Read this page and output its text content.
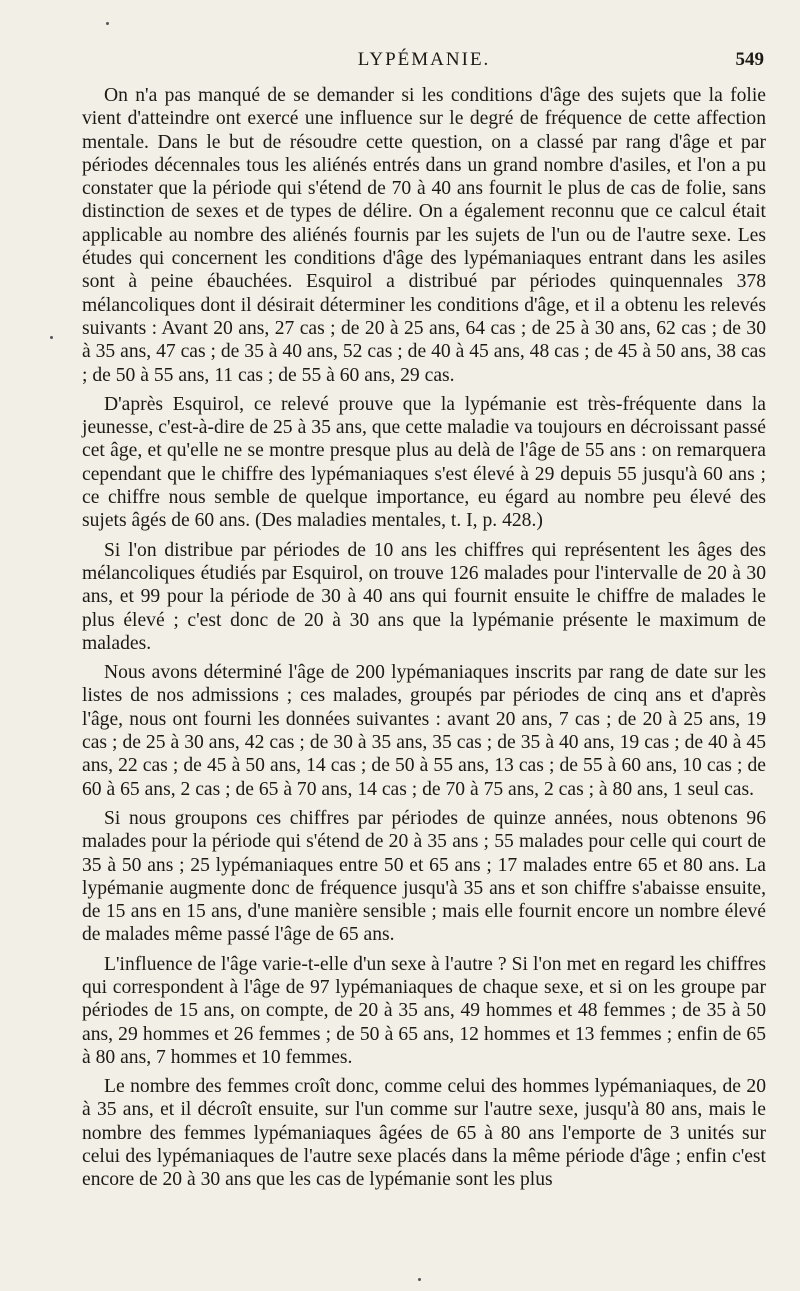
LYPÉMANIE.	549

On n'a pas manqué de se demander si les conditions d'âge des sujets que la folie vient d'atteindre ont exercé une influence sur le degré de fréquence de cette affection mentale. Dans le but de résoudre cette question, on a classé par rang d'âge et par périodes décennales tous les aliénés entrés dans un grand nombre d'asiles, et l'on a pu constater que la période qui s'étend de 70 à 40 ans fournit le plus de cas de folie, sans distinction de sexes et de types de délire. On a également reconnu que ce calcul était applicable au nombre des aliénés fournis par les sujets de l'un ou de l'autre sexe. Les études qui concernent les conditions d'âge des lypémaniaques entrant dans les asiles sont à peine ébauchées. Esquirol a distribué par périodes quinquennales 378 mélancoliques dont il désirait déterminer les conditions d'âge, et il a obtenu les relevés suivants : Avant 20 ans, 27 cas ; de 20 à 25 ans, 64 cas ; de 25 à 30 ans, 62 cas ; de 30 à 35 ans, 47 cas ; de 35 à 40 ans, 52 cas ; de 40 à 45 ans, 48 cas ; de 45 à 50 ans, 38 cas ; de 50 à 55 ans, 11 cas ; de 55 à 60 ans, 29 cas.

D'après Esquirol, ce relevé prouve que la lypémanie est très-fréquente dans la jeunesse, c'est-à-dire de 25 à 35 ans, que cette maladie va toujours en décroissant passé cet âge, et qu'elle ne se montre presque plus au delà de l'âge de 55 ans : on remarquera cependant que le chiffre des lypémaniaques s'est élevé à 29 depuis 55 jusqu'à 60 ans ; ce chiffre nous semble de quelque importance, eu égard au nombre peu élevé des sujets âgés de 60 ans. (Des maladies mentales, t. I, p. 428.)

Si l'on distribue par périodes de 10 ans les chiffres qui représentent les âges des mélancoliques étudiés par Esquirol, on trouve 126 malades pour l'intervalle de 20 à 30 ans, et 99 pour la période de 30 à 40 ans qui fournit ensuite le chiffre de malades le plus élevé ; c'est donc de 20 à 30 ans que la lypémanie présente le maximum de malades.

Nous avons déterminé l'âge de 200 lypémaniaques inscrits par rang de date sur les listes de nos admissions ; ces malades, groupés par périodes de cinq ans et d'après l'âge, nous ont fourni les données suivantes : avant 20 ans, 7 cas ; de 20 à 25 ans, 19 cas ; de 25 à 30 ans, 42 cas ; de 30 à 35 ans, 35 cas ; de 35 à 40 ans, 19 cas ; de 40 à 45 ans, 22 cas ; de 45 à 50 ans, 14 cas ; de 50 à 55 ans, 13 cas ; de 55 à 60 ans, 10 cas ; de 60 à 65 ans, 2 cas ; de 65 à 70 ans, 14 cas ; de 70 à 75 ans, 2 cas ; à 80 ans, 1 seul cas.

Si nous groupons ces chiffres par périodes de quinze années, nous obtenons 96 malades pour la période qui s'étend de 20 à 35 ans ; 55 malades pour celle qui court de 35 à 50 ans ; 25 lypémaniaques entre 50 et 65 ans ; 17 malades entre 65 et 80 ans. La lypémanie augmente donc de fréquence jusqu'à 35 ans et son chiffre s'abaisse ensuite, de 15 ans en 15 ans, d'une manière sensible ; mais elle fournit encore un nombre élevé de malades même passé l'âge de 65 ans.

L'influence de l'âge varie-t-elle d'un sexe à l'autre ? Si l'on met en regard les chiffres qui correspondent à l'âge de 97 lypémaniaques de chaque sexe, et si on les groupe par périodes de 15 ans, on compte, de 20 à 35 ans, 49 hommes et 48 femmes ; de 35 à 50 ans, 29 hommes et 26 femmes ; de 50 à 65 ans, 12 hommes et 13 femmes ; enfin de 65 à 80 ans, 7 hommes et 10 femmes.

Le nombre des femmes croît donc, comme celui des hommes lypémaniaques, de 20 à 35 ans, et il décroît ensuite, sur l'un comme sur l'autre sexe, jusqu'à 80 ans, mais le nombre des femmes lypémaniaques âgées de 65 à 80 ans l'emporte de 3 unités sur celui des lypémaniaques de l'autre sexe placés dans la même période d'âge ; enfin c'est encore de 20 à 30 ans que les cas de lypémanie sont les plus
